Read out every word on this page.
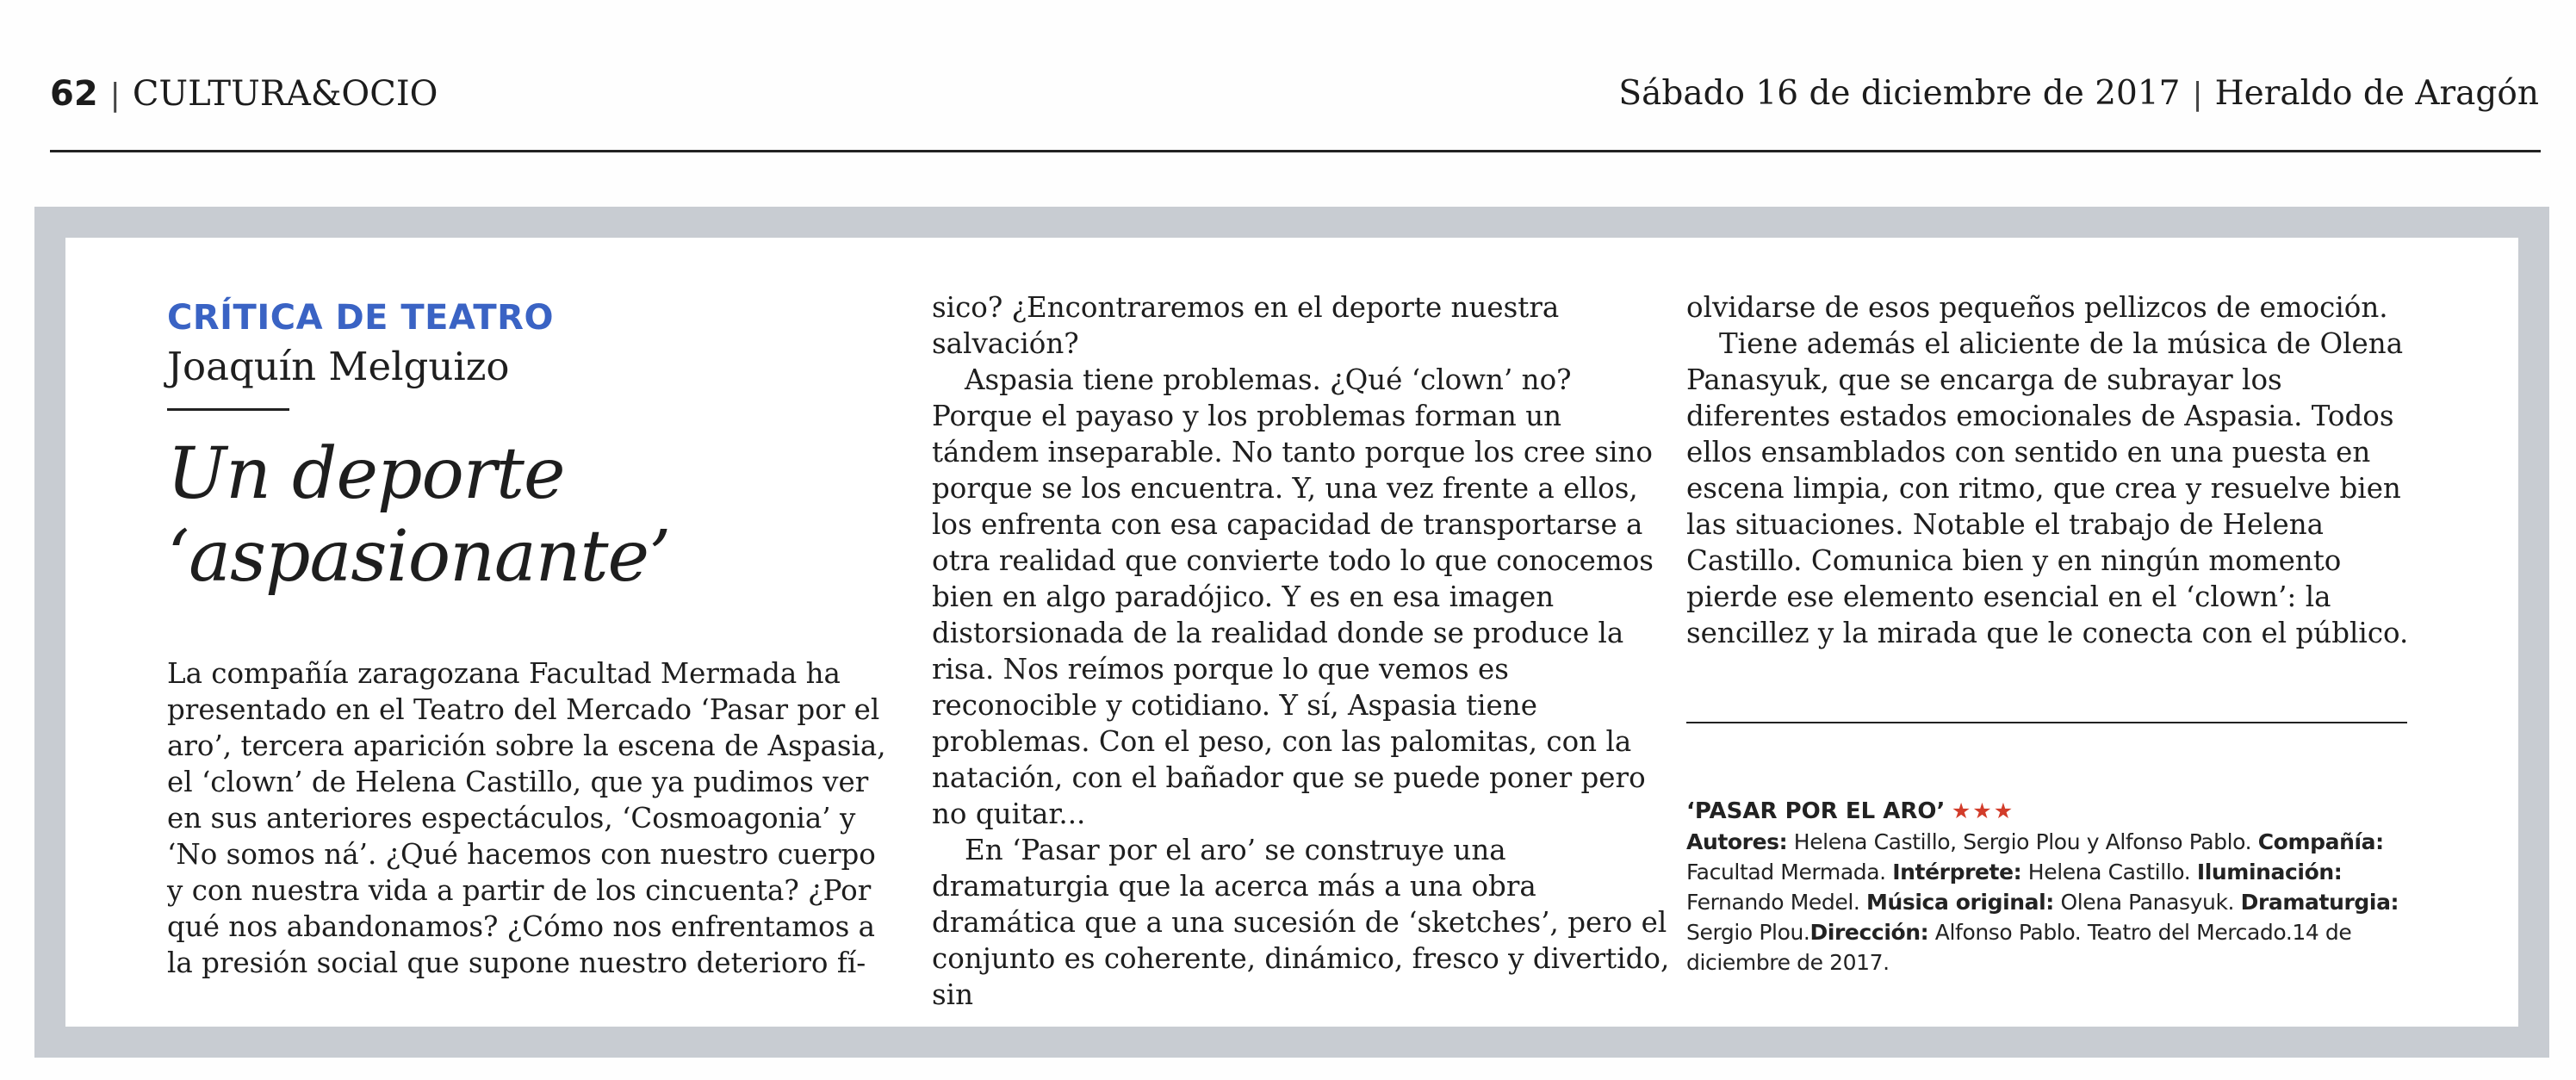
62 | CULTURA&OCIO	Sábado 16 de diciembre de 2017 | Heraldo de Aragón
CRÍTICA DE TEATRO
Joaquín Melguizo
Un deporte
‘aspasionante’

La compañía zaragozana Facultad Mermada ha presentado en el Teatro del Mercado ‘Pasar por el aro’, tercera aparición sobre la escena de Aspasia, el ‘clown’ de Helena Castillo, que ya pudimos ver en sus anteriores espectáculos, ‘Cosmoagonia’ y ‘No somos ná’. ¿Qué hacemos con nuestro cuerpo y con nuestra vida a partir de los cincuenta? ¿Por qué nos abandonamos? ¿Cómo nos enfrentamos a la presión social que supone nuestro deterioro fí-

sico? ¿Encontraremos en el deporte nuestra salvación?

Aspasia tiene problemas. ¿Qué ‘clown’ no? Porque el payaso y los problemas forman un tándem inseparable. No tanto porque los cree sino porque se los encuentra. Y, una vez frente a ellos, los enfrenta con esa capacidad de transportarse a otra realidad que convierte todo lo que conocemos bien en algo paradójico. Y es en esa imagen distorsionada de la realidad donde se produce la risa. Nos reímos porque lo que vemos es reconocible y cotidiano. Y sí, Aspasia tiene problemas. Con el peso, con las palomitas, con la natación, con el bañador que se puede poner pero no quitar...

En ‘Pasar por el aro’ se construye una dramaturgia que la acerca más a una obra dramática que a una sucesión de ‘sketches’, pero el conjunto es coherente, dinámico, fresco y divertido, sin

olvidarse de esos pequeños pellizcos de emoción.

Tiene además el aliciente de la música de Olena Panasyuk, que se encarga de subrayar los diferentes estados emocionales de Aspasia. Todos ellos ensamblados con sentido en una puesta en escena limpia, con ritmo, que crea y resuelve bien las situaciones. Notable el trabajo de Helena Castillo. Comunica bien y en ningún momento pierde ese elemento esencial en el ‘clown’: la sencillez y la mirada que le conecta con el público.

‘PASAR POR EL ARO’ ★★★
Autores: Helena Castillo, Sergio Plou y Alfonso Pablo. Compañía: Facultad Mermada. Intérprete: Helena Castillo. Iluminación: Fernando Medel. Música original: Olena Panasyuk. Dramaturgia: Sergio Plou.Dirección: Alfonso Pablo. Teatro del Mercado.14 de diciembre de 2017.
